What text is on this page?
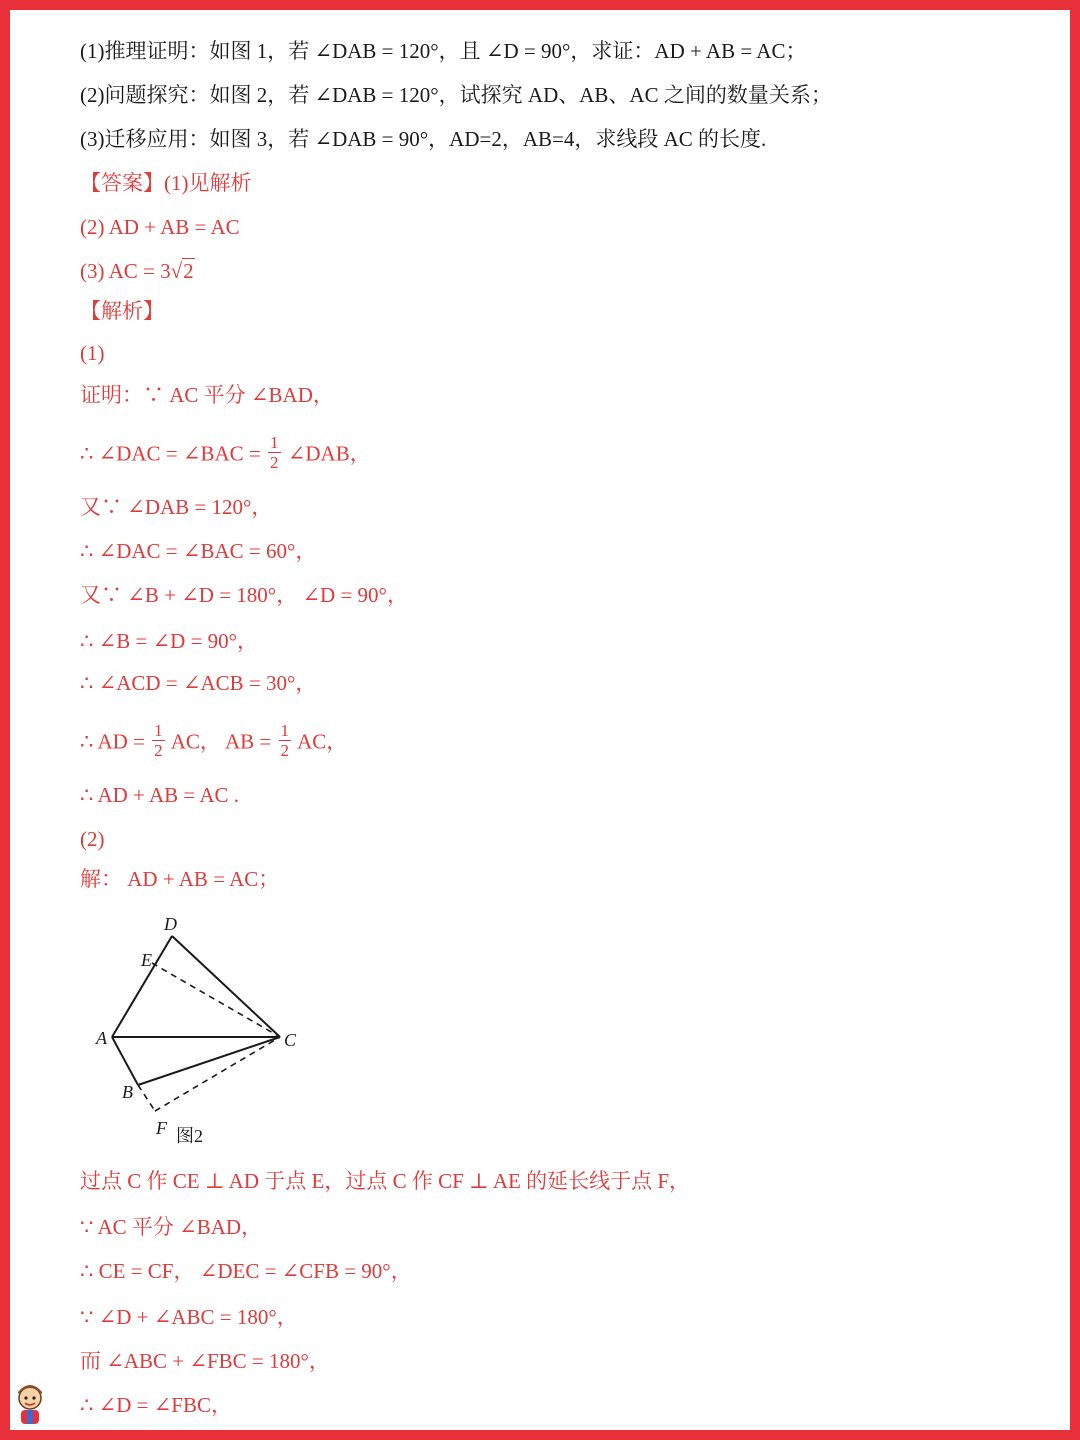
(1)推理证明：如图 1，若 ∠DAB = 120°，且 ∠D = 90°，求证：AD + AB = AC；
(2)问题探究：如图 2，若 ∠DAB = 120°，试探究 AD、AB、AC 之间的数量关系；
(3)迁移应用：如图 3，若 ∠DAB = 90°，AD=2，AB=4，求线段 AC 的长度.
【答案】(1)见解析
(2) AD + AB = AC
(3) AC = 3√2
【解析】
(1)
证明：∵ AC 平分 ∠BAD，
∴ ∠DAC = ∠BAC = $\frac{1}{2}$ ∠DAB，
又∵ ∠DAB = 120°，
∴ ∠DAC = ∠BAC = 60°，
又∵ ∠B + ∠D = 180°， ∠D = 90°，
∴ ∠B = ∠D = 90°，
∴ ∠ACD = ∠ACB = 30°，
∴ AD = $\frac{1}{2}$ AC， AB = $\frac{1}{2}$ AC，
∴ AD + AB = AC .
(2)
解： AD + AB = AC；
D
E
A	C
B
F 图2
过点 C 作 CE ⊥ AD 于点 E，过点 C 作 CF ⊥ AE 的延长线于点 F，
∵ AC 平分 ∠BAD，
∴ CE = CF， ∠DEC = ∠CFB = 90°，
∵ ∠D + ∠ABC = 180°，
而 ∠ABC + ∠FBC = 180°，
∴ ∠D = ∠FBC，
